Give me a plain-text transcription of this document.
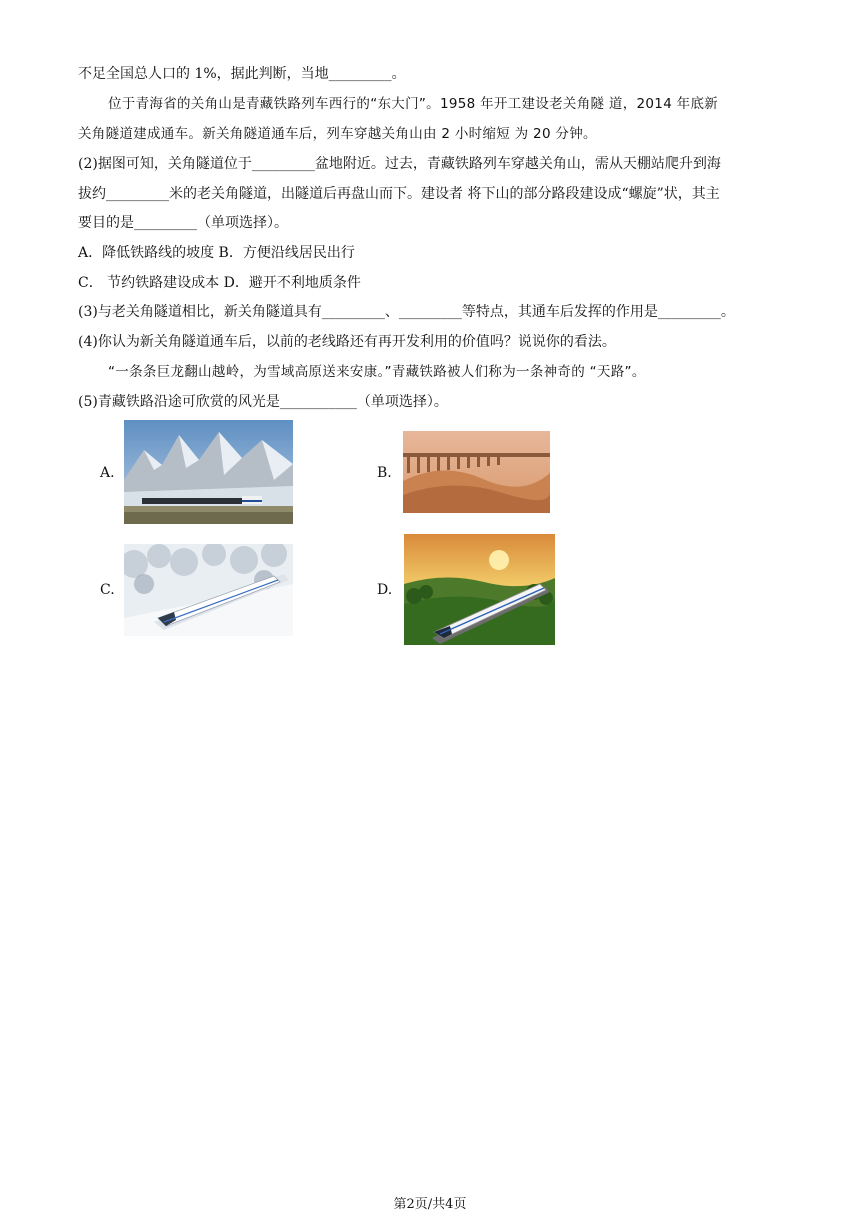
不足全国总人口的 1%，据此判断，当地_________。
位于青海省的关角山是青藏铁路列车西行的“东大门”。1958 年开工建设老关角隧 道，2014 年底新
关角隧道建成通车。新关角隧道通车后，列车穿越关角山由 2 小时缩短 为 20 分钟。
(2)据图可知，关角隧道位于_________盆地附近。过去，青藏铁路列车穿越关角山，需从天棚站爬升到海
拔约_________米的老关角隧道，出隧道后再盘山而下。建设者 将下山的部分路段建设成“螺旋”状，其主
要目的是_________（单项选择）。
A．降低铁路线的坡度 B．方便沿线居民出行
C． 节约铁路建设成本 D．避开不利地质条件
(3)与老关角隧道相比，新关角隧道具有_________、_________等特点，其通车后发挥的作用是_________。
(4)你认为新关角隧道通车后，以前的老线路还有再开发利用的价值吗？说说你的看法。
“一条条巨龙翻山越岭，为雪域高原送来安康。”青藏铁路被人们称为一条神奇的 “天路”。
(5)青藏铁路沿途可欣赏的风光是___________（单项选择）。
A.	B.
C.	D.
第2页/共4页
